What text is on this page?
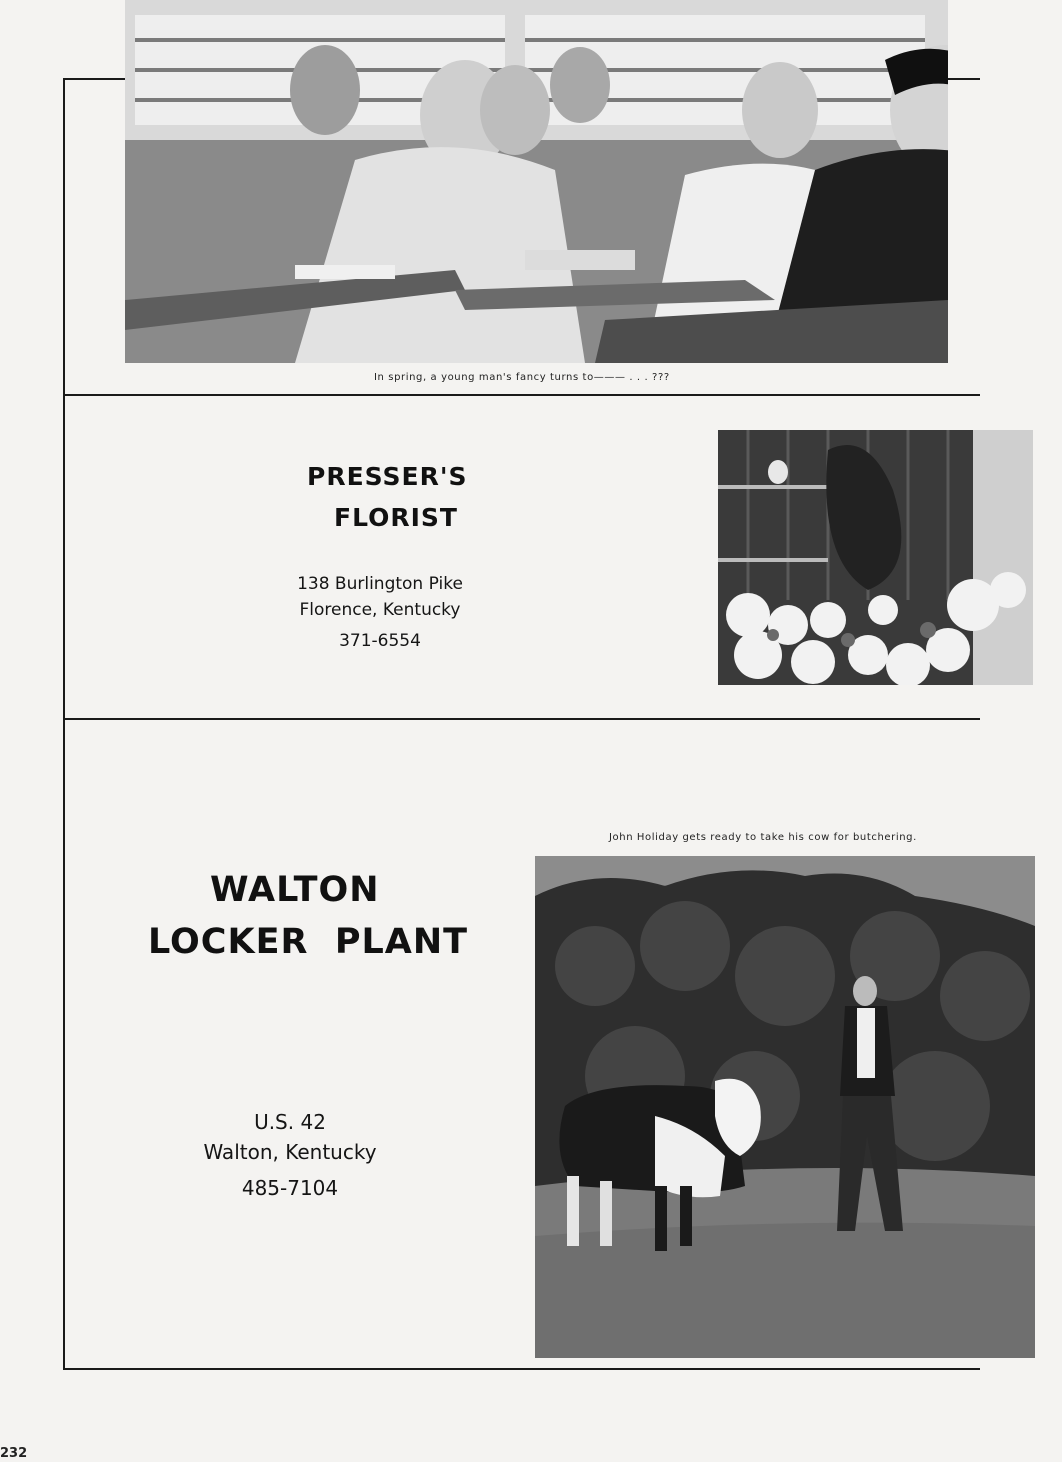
In spring, a young man's fancy turns to——— . . . ???
PRESSER'S
FLORIST
138 Burlington Pike
Florence, Kentucky
371-6554
John Holiday gets ready to take his cow for butchering.
WALTON
LOCKER  PLANT
U.S. 42
Walton, Kentucky
485-7104
232
